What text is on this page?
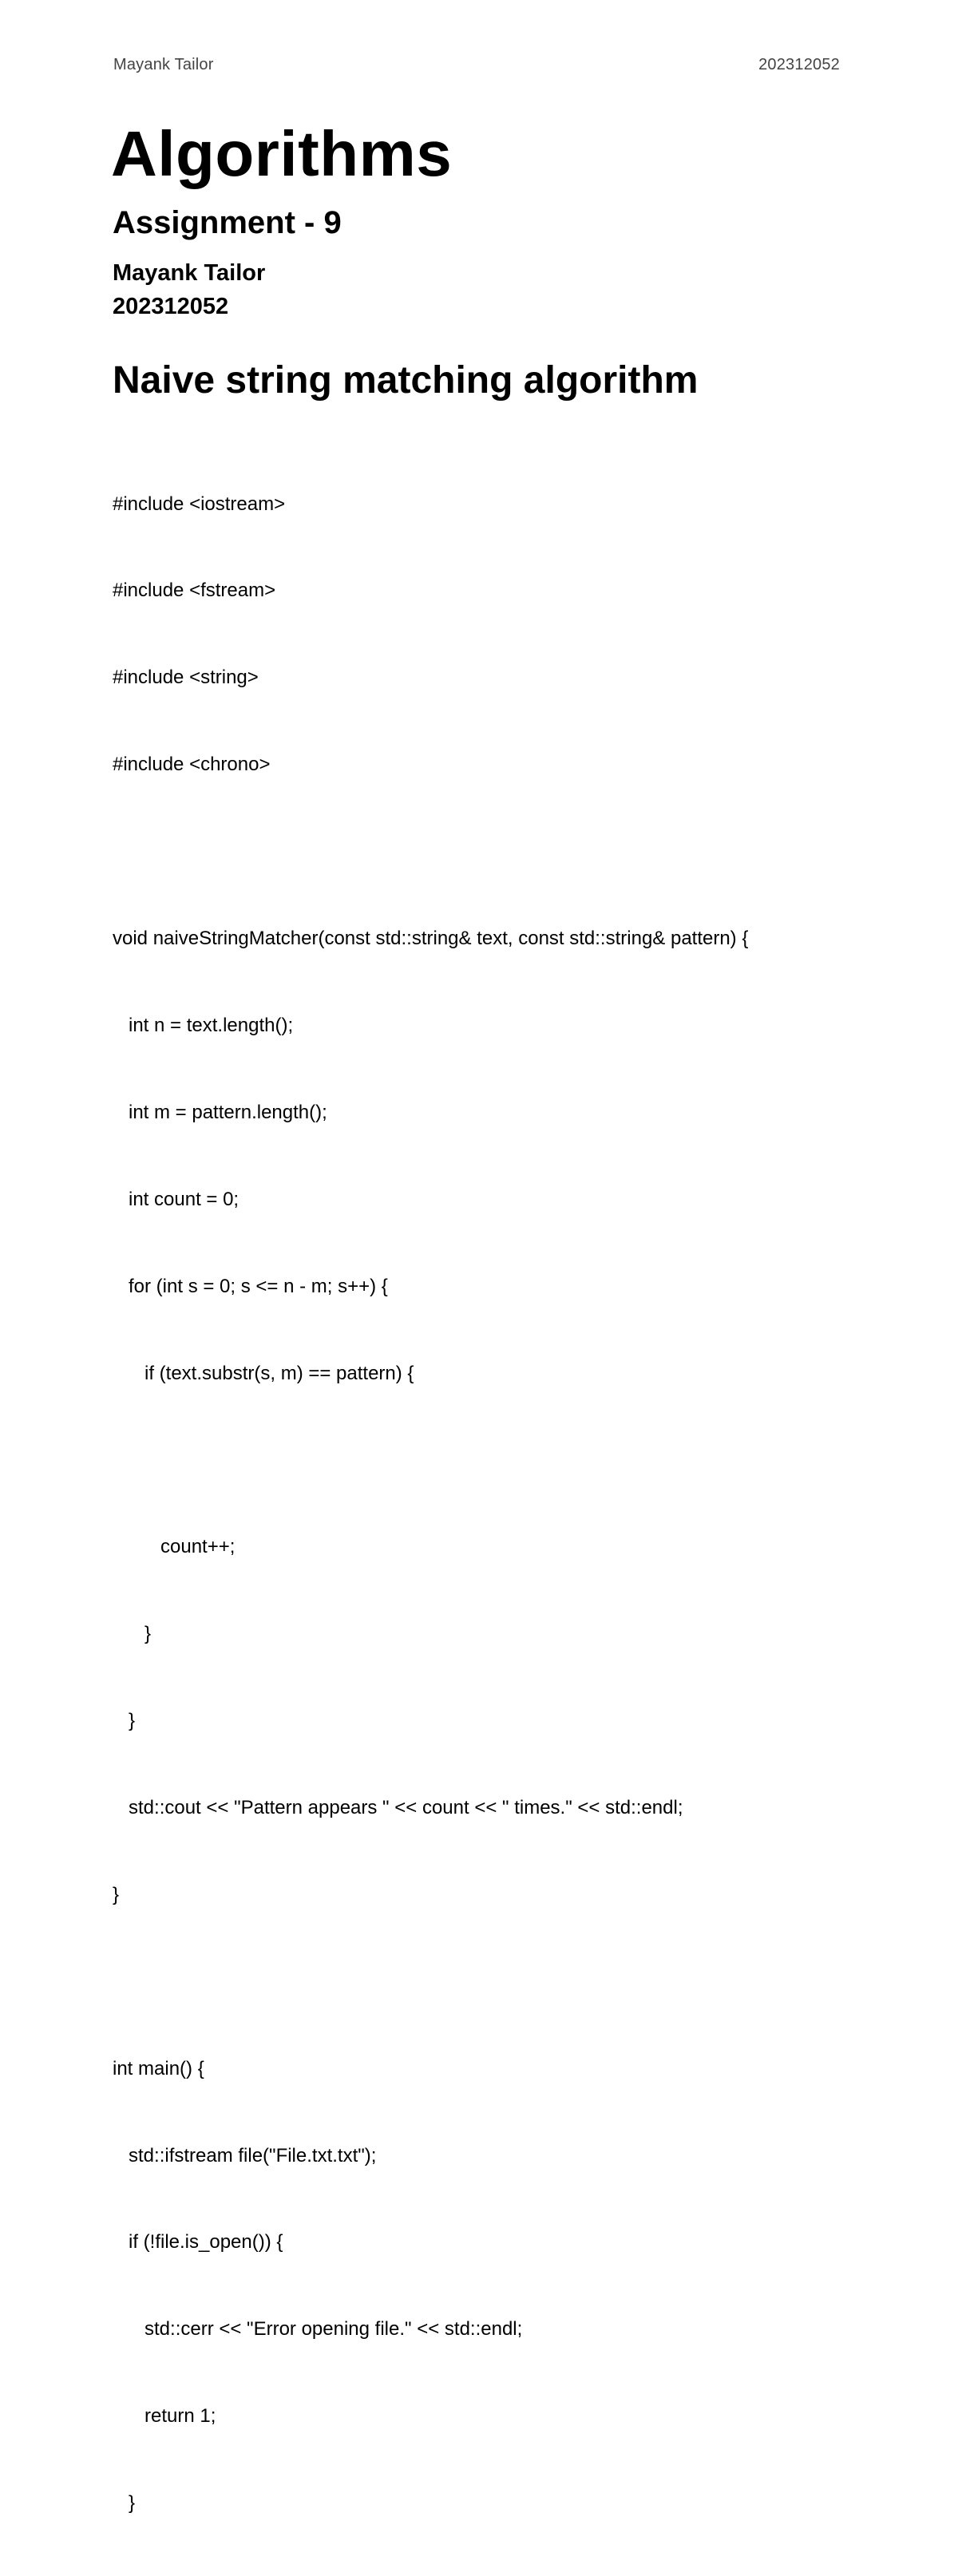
Mayank Tailor	202312052
Algorithms
Assignment - 9
Mayank Tailor
202312052
Naive string matching algorithm

#include <iostream>

#include <fstream>

#include <string>

#include <chrono>

void naiveStringMatcher(const std::string& text, const std::string& pattern) {

int n = text.length();

int m = pattern.length();

int count = 0;

for (int s = 0; s <= n - m; s++) {

if (text.substr(s, m) == pattern) {

count++;

}

}

std::cout << "Pattern appears " << count << " times." << std::endl;

}

int main() {

std::ifstream file("File.txt.txt");

if (!file.is_open()) {

std::cerr << "Error opening file." << std::endl;

return 1;

}
